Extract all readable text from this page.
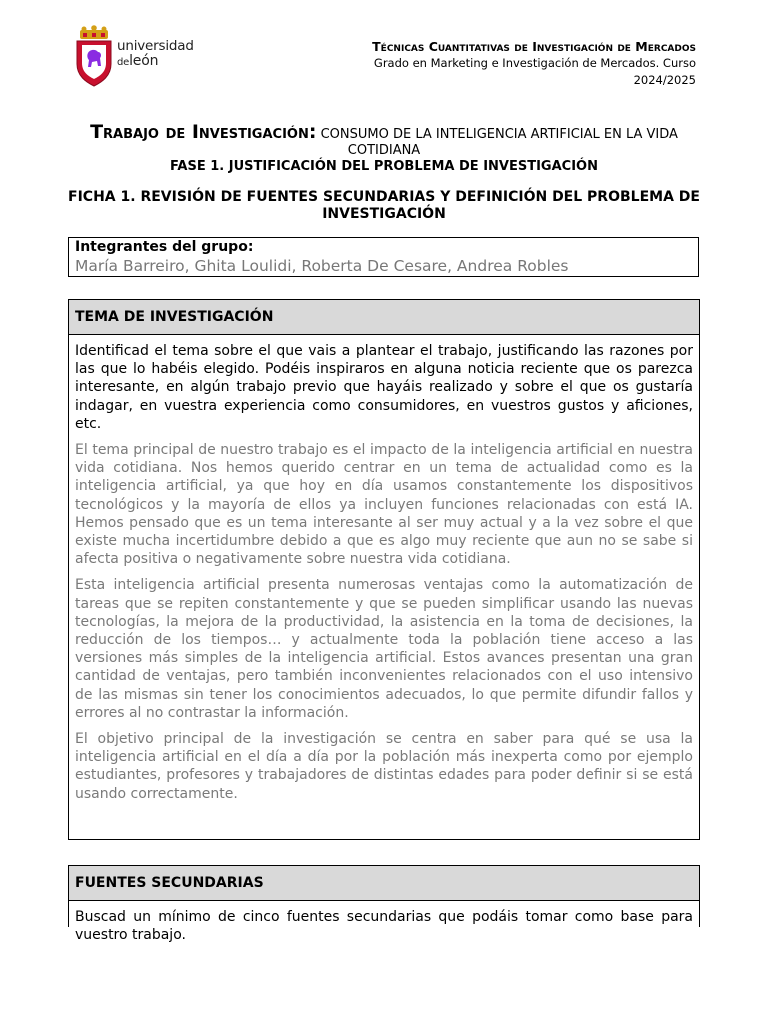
universidad
deleón
Técnicas Cuantitativas de Investigación de Mercados
Grado en Marketing e Investigación de Mercados. Curso
2024/2025
Trabajo de Investigación: CONSUMO DE LA INTELIGENCIA ARTIFICIAL EN LA VIDA COTIDIANA
FASE 1. JUSTIFICACIÓN DEL PROBLEMA DE INVESTIGACIÓN
FICHA 1. REVISIÓN DE FUENTES SECUNDARIAS Y DEFINICIÓN DEL PROBLEMA DE INVESTIGACIÓN
Integrantes del grupo:
María Barreiro, Ghita Loulidi, Roberta De Cesare, Andrea Robles
TEMA DE INVESTIGACIÓN

Identificad el tema sobre el que vais a plantear el trabajo, justificando las razones por las que lo habéis elegido. Podéis inspiraros en alguna noticia reciente que os parezca interesante, en algún trabajo previo que hayáis realizado y sobre el que os gustaría indagar, en vuestra experiencia como consumidores, en vuestros gustos y aficiones, etc.

El tema principal de nuestro trabajo es el impacto de la inteligencia artificial en nuestra vida cotidiana. Nos hemos querido centrar en un tema de actualidad como es la inteligencia artificial, ya que hoy en día usamos constantemente los dispositivos tecnológicos y la mayoría de ellos ya incluyen funciones relacionadas con está IA. Hemos pensado que es un tema interesante al ser muy actual y a la vez sobre el que existe mucha incertidumbre debido a que es algo muy reciente que aun no se sabe si afecta positiva o negativamente sobre nuestra vida cotidiana.

Esta inteligencia artificial presenta numerosas ventajas como la automatización de tareas que se repiten constantemente y que se pueden simplificar usando las nuevas tecnologías, la mejora de la productividad, la asistencia en la toma de decisiones, la reducción de los tiempos… y actualmente toda la población tiene acceso a las versiones más simples de la inteligencia artificial. Estos avances presentan una gran cantidad de ventajas, pero también inconvenientes relacionados con el uso intensivo de las mismas sin tener los conocimientos adecuados, lo que permite difundir fallos y errores al no contrastar la información.

El objetivo principal de la investigación se centra en saber para qué se usa la inteligencia artificial en el día a día por la población más inexperta como por ejemplo estudiantes, profesores y trabajadores de distintas edades para poder definir si se está usando correctamente.

FUENTES SECUNDARIAS

Buscad un mínimo de cinco fuentes secundarias que podáis tomar como base para vuestro trabajo.
